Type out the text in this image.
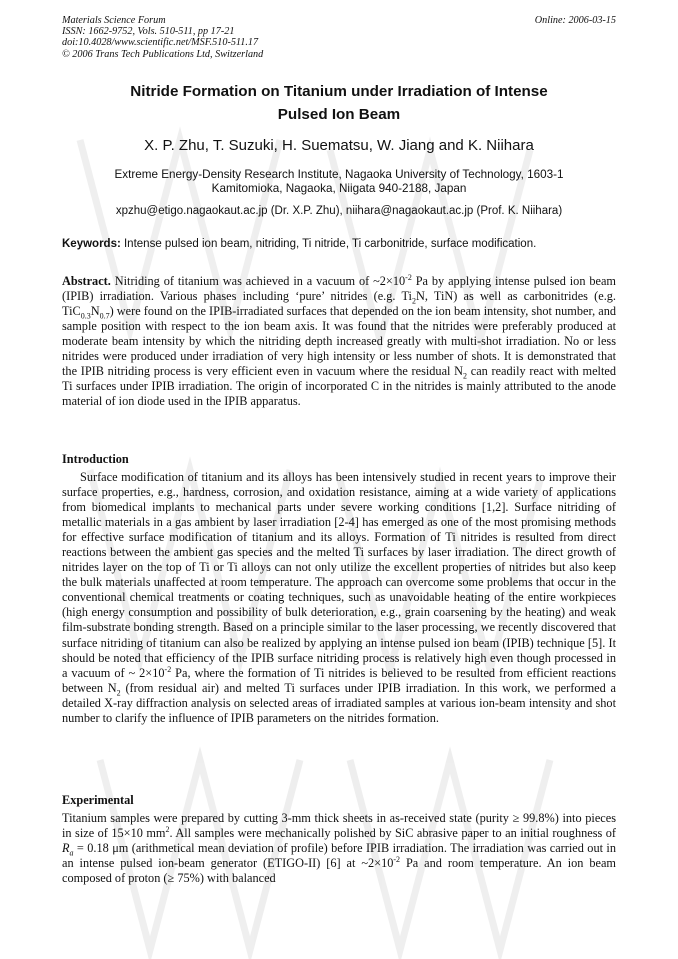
Materials Science Forum
ISSN: 1662-9752, Vols. 510-511, pp 17-21
doi:10.4028/www.scientific.net/MSF.510-511.17
© 2006 Trans Tech Publications Ltd, Switzerland
Online: 2006-03-15
Nitride Formation on Titanium under Irradiation of Intense
Pulsed Ion Beam
X. P. Zhu, T. Suzuki, H. Suematsu, W. Jiang and K. Niihara
Extreme Energy-Density Research Institute, Nagaoka University of Technology, 1603-1
Kamitomioka, Nagaoka, Niigata 940-2188, Japan
xpzhu@etigo.nagaokaut.ac.jp (Dr. X.P. Zhu), niihara@nagaokaut.ac.jp (Prof. K. Niihara)
Keywords: Intense pulsed ion beam, nitriding, Ti nitride, Ti carbonitride, surface modification.
Abstract. Nitriding of titanium was achieved in a vacuum of $\sim 2\times 10^{-2}$ Pa by applying intense pulsed ion beam (IPIB) irradiation. Various phases including ‘pure’ nitrides (e.g. $Ti_2N$, TiN) as well as carbonitrides (e.g. $TiC_{0.3}N_{0.7}$) were found on the IPIB-irradiated surfaces that depended on the ion beam intensity, shot number, and sample position with respect to the ion beam axis. It was found that the nitrides were preferably produced at moderate beam intensity by which the nitriding depth increased greatly with multi-shot irradiation. No or less nitrides were produced under irradiation of very high intensity or less number of shots. It is demonstrated that the IPIB nitriding process is very efficient even in vacuum where the residual $N_2$ can readily react with melted Ti surfaces under IPIB irradiation. The origin of incorporated C in the nitrides is mainly attributed to the anode material of ion diode used in the IPIB apparatus.
Introduction
Surface modification of titanium and its alloys has been intensively studied in recent years to improve their surface properties, e.g., hardness, corrosion, and oxidation resistance, aiming at a wide variety of applications from biomedical implants to mechanical parts under severe working conditions [1,2]. Surface nitriding of metallic materials in a gas ambient by laser irradiation [2-4] has emerged as one of the most promising methods for effective surface modification of titanium and its alloys. Formation of Ti nitrides is resulted from direct reactions between the ambient gas species and the melted Ti surfaces by laser irradiation. The direct growth of nitrides layer on the top of Ti or Ti alloys can not only utilize the excellent properties of nitrides but also keep the bulk materials unaffected at room temperature. The approach can overcome some problems that occur in the conventional chemical treatments or coating techniques, such as unavoidable heating of the entire workpieces (high energy consumption and possibility of bulk deterioration, e.g., grain coarsening by the heating) and weak film-substrate bonding strength. Based on a principle similar to the laser processing, we recently discovered that surface nitriding of titanium can also be realized by applying an intense pulsed ion beam (IPIB) technique [5]. It should be noted that efficiency of the IPIB surface nitriding process is relatively high even though processed in a vacuum of ~ $2\times 10^{-2}$ Pa, where the formation of Ti nitrides is believed to be resulted from efficient reactions between $N_2$ (from residual air) and melted Ti surfaces under IPIB irradiation. In this work, we performed a detailed X-ray diffraction analysis on selected areas of irradiated samples at various ion-beam intensity and shot number to clarify the influence of IPIB parameters on the nitrides formation.
Experimental
Titanium samples were prepared by cutting 3-mm thick sheets in as-received state (purity ≥ 99.8%) into pieces in size of 15×10 $mm^2$. All samples were mechanically polished by SiC abrasive paper to an initial roughness of $R_a = 0.18$ μm (arithmetical mean deviation of profile) before IPIB irradiation. The irradiation was carried out in an intense pulsed ion-beam generator (ETIGO-II) [6] at $\sim 2\times 10^{-2}$ Pa and room temperature. An ion beam composed of proton (≥ 75%) with balanced
